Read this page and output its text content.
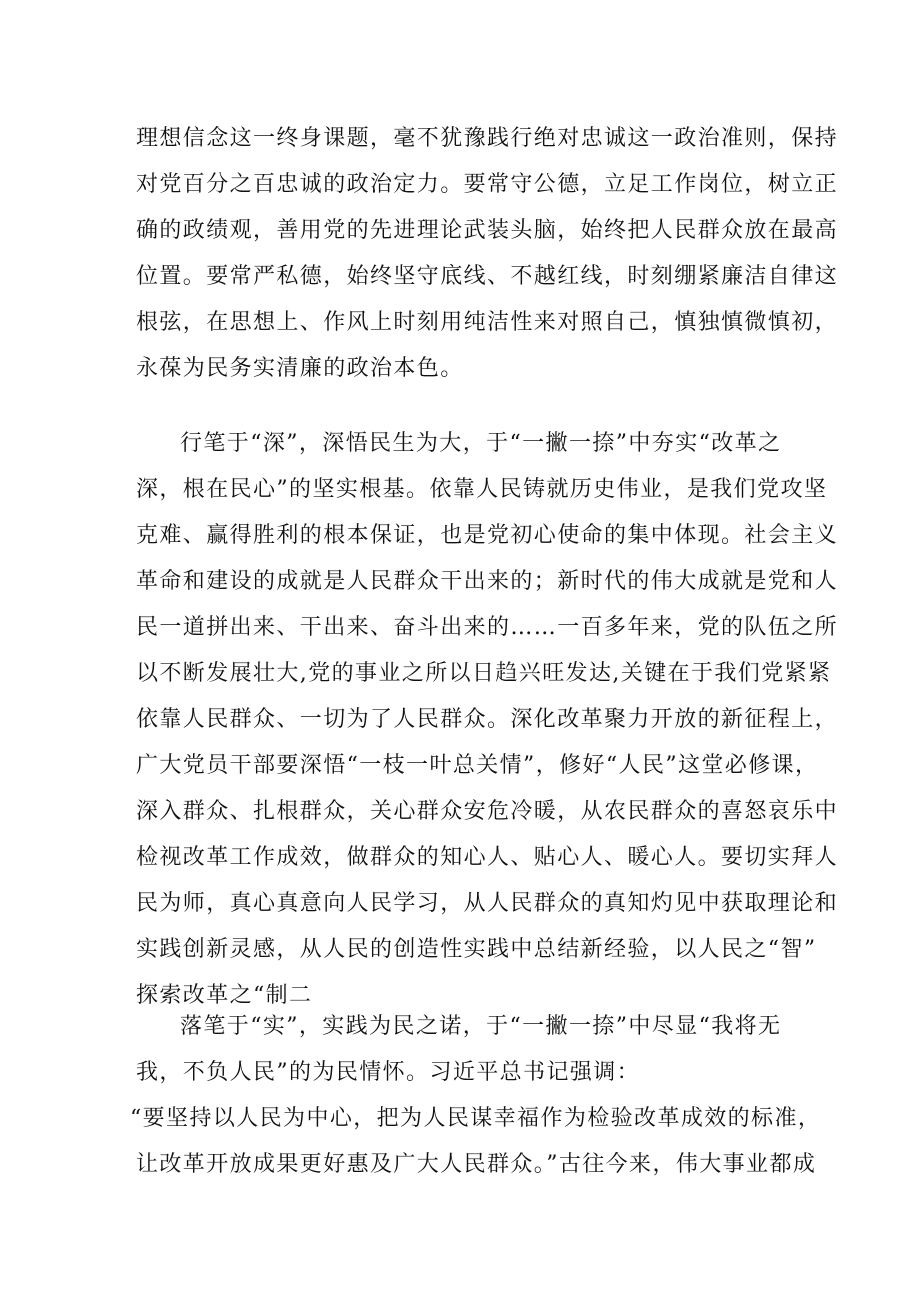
理想信念这一终身课题，毫不犹豫践行绝对忠诚这一政治准则，保持
对党百分之百忠诚的政治定力。要常守公德，立足工作岗位，树立正
确的政绩观，善用党的先进理论武装头脑，始终把人民群众放在最高
位置。要常严私德，始终坚守底线、不越红线，时刻绷紧廉洁自律这
根弦，在思想上、作风上时刻用纯洁性来对照自己，慎独慎微慎初，
永葆为民务实清廉的政治本色。

行笔于“深”，深悟民生为大，于“一撇一捺”中夯实“改革之
深，根在民心”的坚实根基。依靠人民铸就历史伟业，是我们党攻坚
克难、赢得胜利的根本保证，也是党初心使命的集中体现。社会主义
革命和建设的成就是人民群众干出来的；新时代的伟大成就是党和人
民一道拼出来、干出来、奋斗出来的……一百多年来，党的队伍之所
以不断发展壮大,党的事业之所以日趋兴旺发达,关键在于我们党紧紧
依靠人民群众、一切为了人民群众。深化改革聚力开放的新征程上，
广大党员干部要深悟“一枝一叶总关情”，修好“人民”这堂必修课，
深入群众、扎根群众，关心群众安危冷暖，从农民群众的喜怒哀乐中
检视改革工作成效，做群众的知心人、贴心人、暖心人。要切实拜人
民为师，真心真意向人民学习，从人民群众的真知灼见中获取理论和
实践创新灵感，从人民的创造性实践中总结新经验，以人民之“智”
探索改革之“制二

落笔于“实”，实践为民之诺，于“一撇一捺”中尽显“我将无
我，不负人民”的为民情怀。习近平总书记强调：
“要坚持以人民为中心，把为人民谋幸福作为检验改革成效的标准，
让改革开放成果更好惠及广大人民群众。”古往今来，伟大事业都成
